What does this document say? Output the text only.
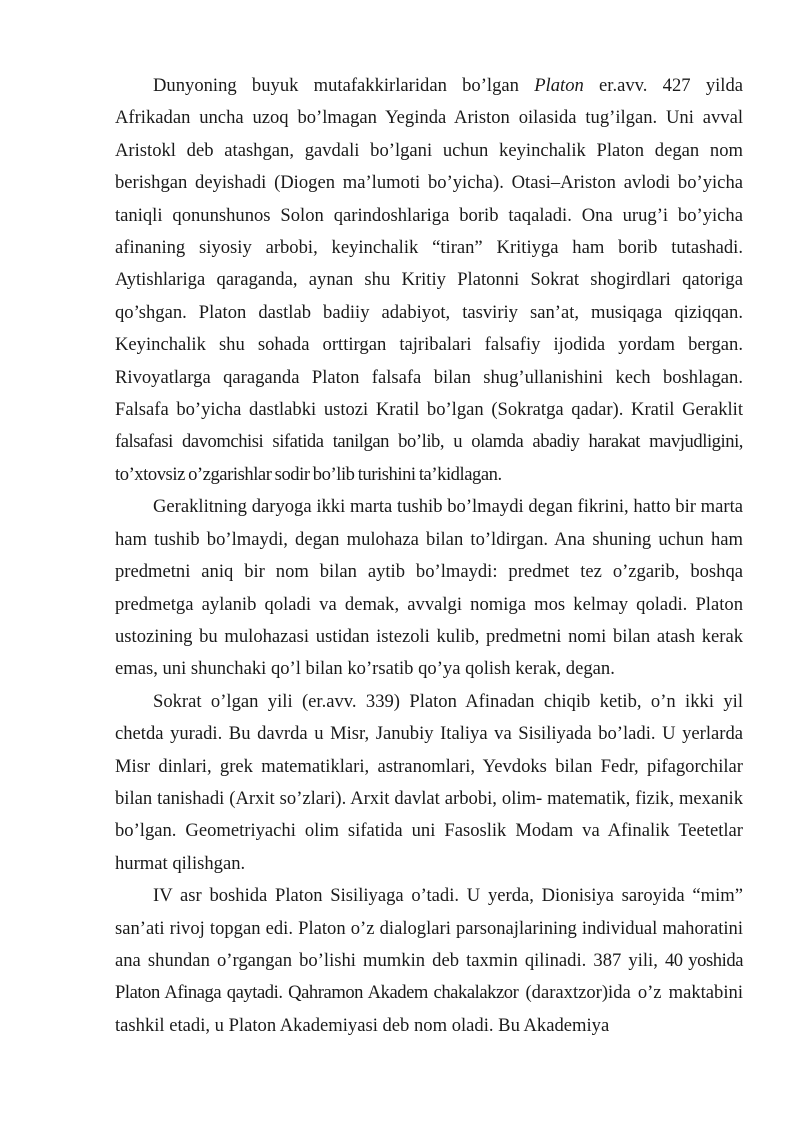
Dunyoning buyuk mutafakkirlaridan bo’lgan Platon er.avv. 427 yilda Afrikadan uncha uzoq bo’lmagan Yeginda Ariston oilasida tug’ilgan. Uni avval Aristokl deb atashgan, gavdali bo’lgani uchun keyinchalik Platon degan nom berishgan deyishadi (Diogen ma’lumoti bo’yicha). Otasi–Ariston avlodi bo’yicha taniqli qonunshunos Solon qarindoshlariga borib taqaladi. Ona urug’i bo’yicha afinaning siyosiy arbobi, keyinchalik “tiran” Kritiyga ham borib tutashadi. Aytishlariga qaraganda, aynan shu Kritiy Platonni Sokrat shogirdlari qatoriga qo’shgan. Platon dastlab badiiy adabiyot, tasviriy san’at, musiqaga qiziqqan. Keyinchalik shu sohada orttirgan tajribalari falsafiy ijodida yordam bergan. Rivoyatlarga qaraganda Platon falsafa bilan shug’ullanishini kech boshlagan. Falsafa bo’yicha dastlabki ustozi Kratil bo’lgan (Sokratga qadar). Kratil Geraklit falsafasi davomchisi sifatida tanilgan bo’lib, u olamda abadiy harakat mavjudligini, to’xtovsiz o’zgarishlar sodir bo’lib turishini ta’kidlagan.

Geraklitning daryoga ikki marta tushib bo’lmaydi degan fikrini, hatto bir marta ham tushib bo’lmaydi, degan mulohaza bilan to’ldirgan. Ana shuning uchun ham predmetni aniq bir nom bilan aytib bo’lmaydi: predmet tez o’zgarib, boshqa predmetga aylanib qoladi va demak, avvalgi nomiga mos kelmay qoladi. Platon ustozining bu mulohazasi ustidan istezoli kulib, predmetni nomi bilan atash kerak emas, uni shunchaki qo’l bilan ko’rsatib qo’ya qolish kerak, degan.

Sokrat o’lgan yili (er.avv. 339) Platon Afinadan chiqib ketib, o’n ikki yil chetda yuradi. Bu davrda u Misr, Janubiy Italiya va Sisiliyada bo’ladi. U yerlarda Misr dinlari, grek matematiklari, astranomlari, Yevdoks bilan Fedr, pifagorchilar bilan tanishadi (Arxit so’zlari). Arxit davlat arbobi, olim- matematik, fizik, mexanik bo’lgan. Geometriyachi olim sifatida uni Fasoslik Modam va Afinalik Teetetlar hurmat qilishgan.

IV asr boshida Platon Sisiliyaga o’tadi. U yerda, Dionisiya saroyida “mim” san’ati rivoj topgan edi. Platon o’z dialoglari parsonajlarining individual mahoratini ana shundan o’rgangan bo’lishi mumkin deb taxmin qilinadi. 387 yili, 40 yoshida Platon Afinaga qaytadi. Qahramon Akadem chakalakzor (daraxtzor)ida o’z maktabini tashkil etadi, u Platon Akademiyasi deb nom oladi. Bu Akademiya
